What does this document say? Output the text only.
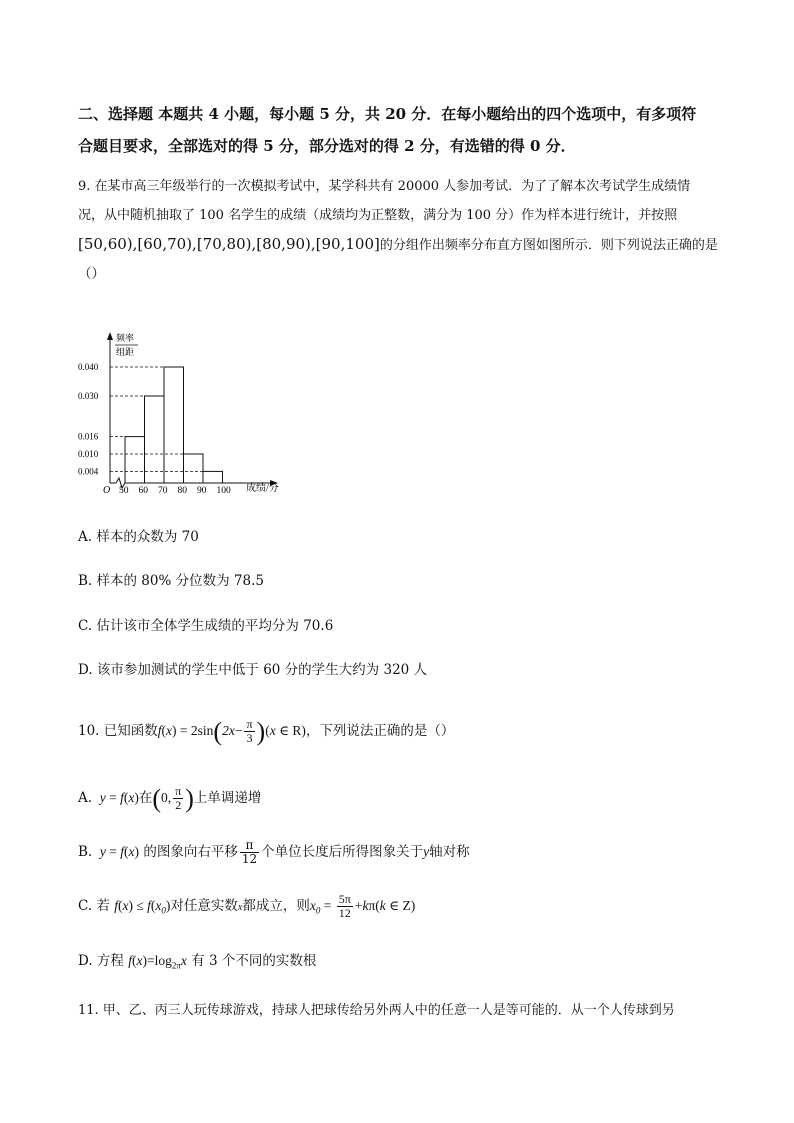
二、选择题 本题共 4 小题，每小题 5 分，共 20 分．在每小题给出的四个选项中，有多项符
合题目要求，全部选对的得 5 分，部分选对的得 2 分，有选错的得 0 分．
9. 在某市高三年级举行的一次模拟考试中，某学科共有 20000 人参加考试．为了了解本次考试学生成绩情
况，从中随机抽取了 100 名学生的成绩（成绩均为正整数，满分为 100 分）作为样本进行统计，并按照
[50,60),[60,70),[70,80),[80,90),[90,100]的分组作出频率分布直方图如图所示．则下列说法正确的是
（）
频率
组距
O	成绩/分
0.040
0.030
0.016
0.010
0.004
50 60 70 80 90 100
A. 样本的众数为 70
B. 样本的 80% 分位数为 78.5
C. 估计该市全体学生成绩的平均分为 70.6
D. 该市参加测试的学生中低于 60 分的学生大约为 320 人
10. 已知函数$f(x) = 2\sin(2x- \frac{\pi}{3} )(x$ ∈ R)，下列说法正确的是（）
A.  y = f(x)在(0, $\frac{\pi}{2}$ )上单调递增
B.  y = f(x) 的图象向右平移 $\frac{\pi}{12}$ 个单位长度后所得图象关于y轴对称
C. 若 $f(x) \le f(x_0)$对任意实数x都成立，则$x_0 = \frac{5\pi}{12} +k\pi(k$ ∈ Z)
D. 方程 $f(x)=\log_{2\pi}x$ 有 3 个不同的实数根
11. 甲、乙、丙三人玩传球游戏，持球人把球传给另外两人中的任意一人是等可能的．从一个人传球到另
